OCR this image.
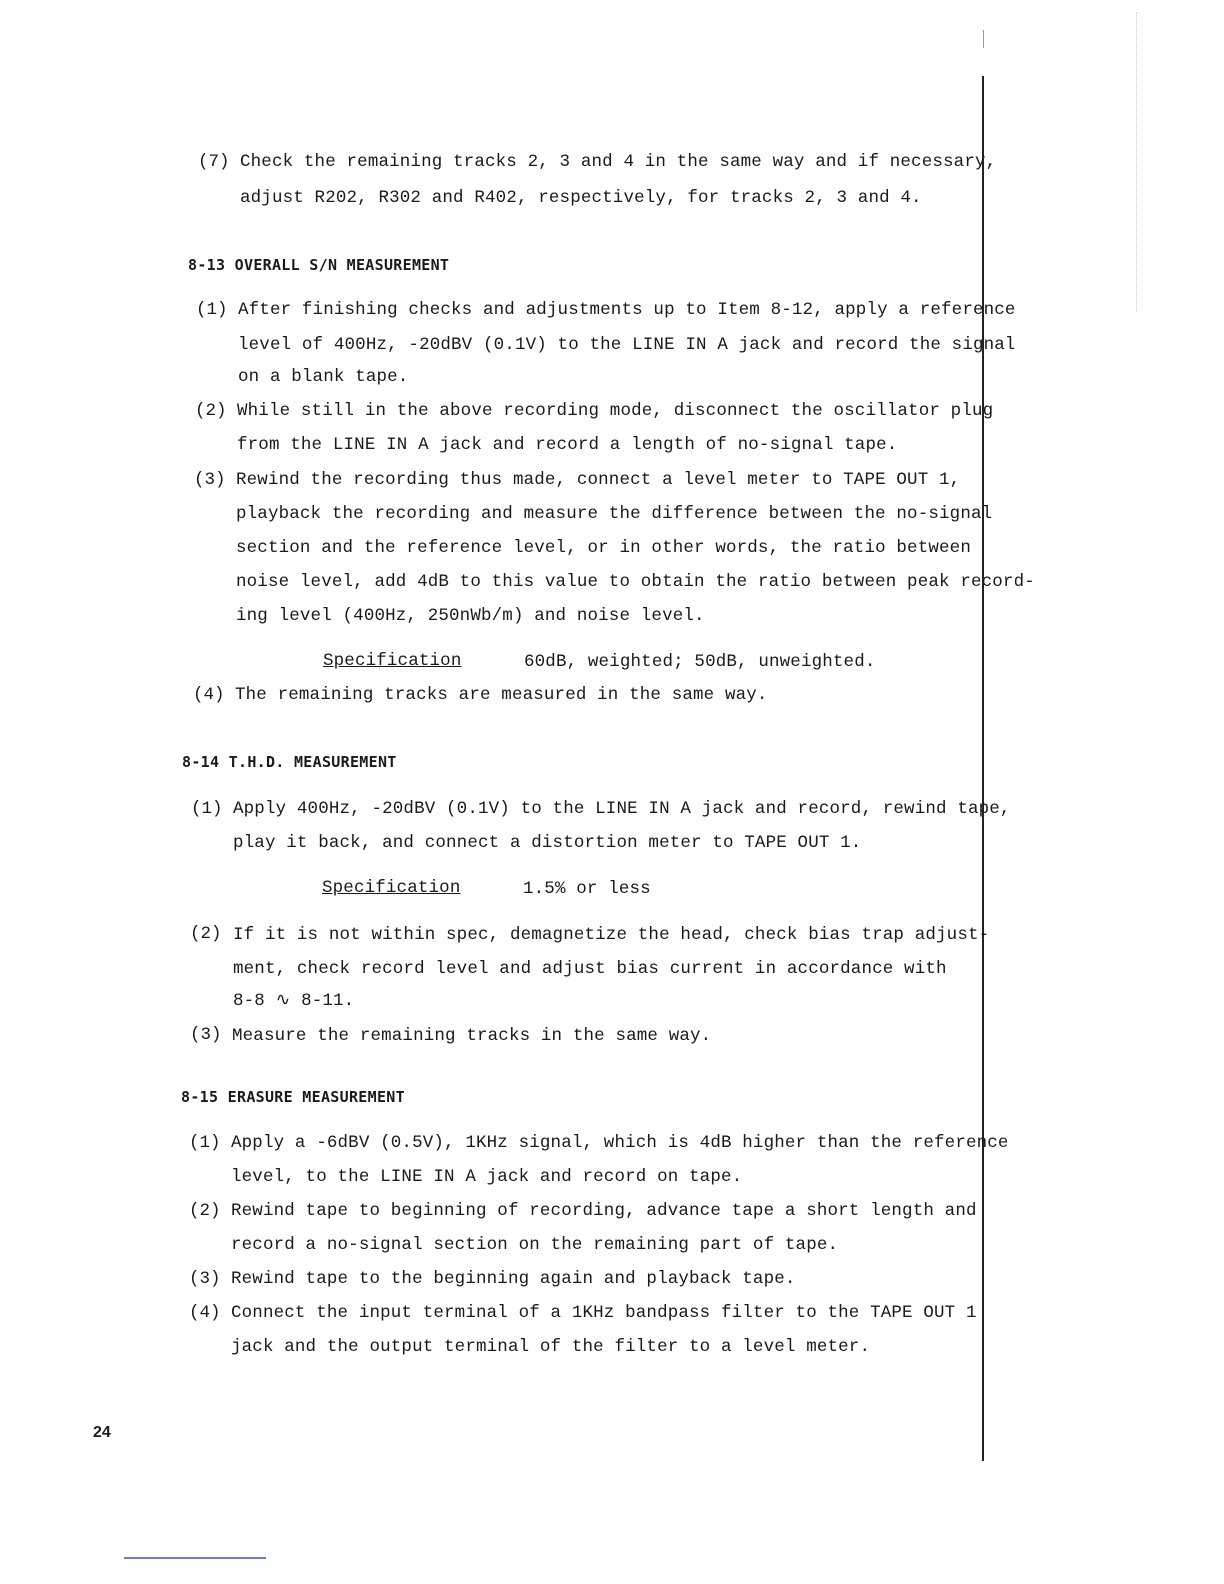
(7) Check the remaining tracks 2, 3 and 4 in the same way and if necessary,
adjust R202, R302 and R402, respectively, for tracks 2, 3 and 4.
8-13 OVERALL S/N MEASUREMENT
(1) After finishing checks and adjustments up to Item 8-12, apply a reference
level of 400Hz, -20dBV (0.1V) to the LINE IN A jack and record the signal
on a blank tape.
(2) While still in the above recording mode, disconnect the oscillator plug
from the LINE IN A jack and record a length of no-signal tape.
(3) Rewind the recording thus made, connect a level meter to TAPE OUT 1,
playback the recording and measure the difference between the no-signal
section and the reference level, or in other words, the ratio between
noise level, add 4dB to this value to obtain the ratio between peak record-
ing level (400Hz, 250nWb/m) and noise level.
Specification	60dB, weighted; 50dB, unweighted.
(4) The remaining tracks are measured in the same way.
8-14 T.H.D. MEASUREMENT
(1) Apply 400Hz, -20dBV (0.1V) to the LINE IN A jack and record, rewind tape,
play it back, and connect a distortion meter to TAPE OUT 1.
Specification	1.5% or less
(2) If it is not within spec, demagnetize the head, check bias trap adjust-
ment, check record level and adjust bias current in accordance with
8-8 ∿ 8-11.
(3) Measure the remaining tracks in the same way.
8-15 ERASURE MEASUREMENT
(1) Apply a -6dBV (0.5V), 1KHz signal, which is 4dB higher than the reference
level, to the LINE IN A jack and record on tape.
(2) Rewind tape to beginning of recording, advance tape a short length and
record a no-signal section on the remaining part of tape.
(3) Rewind tape to the beginning again and playback tape.
(4) Connect the input terminal of a 1KHz bandpass filter to the TAPE OUT 1
jack and the output terminal of the filter to a level meter.
24
